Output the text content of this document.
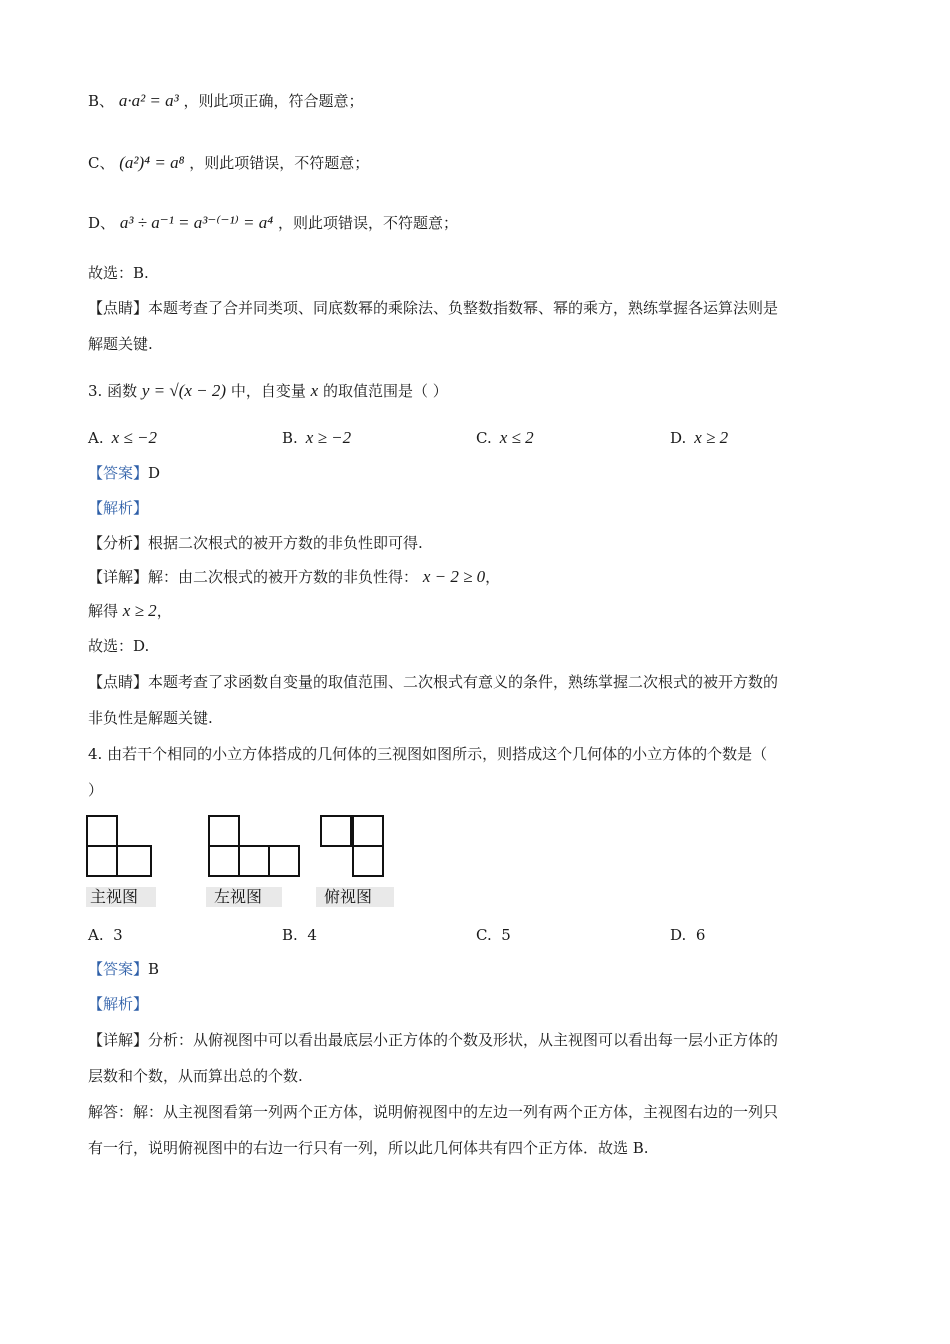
B、 a·a² = a³ ，则此项正确，符合题意；
C、 (a²)⁴ = a⁸ ，则此项错误，不符题意；
D、 a³ ÷ a⁻¹ = a³⁻⁽⁻¹⁾ = a⁴ ，则此项错误，不符题意；
故选：B.
【点睛】本题考查了合并同类项、同底数幂的乘除法、负整数指数幂、幂的乘方，熟练掌握各运算法则是
解题关键.
3. 函数 y = √(x − 2) 中，自变量 x 的取值范围是（ ）
A. x ≤ −2	B. x ≥ −2	C. x ≤ 2	D. x ≥ 2
【答案】D
【解析】
【分析】根据二次根式的被开方数的非负性即可得.
【详解】解：由二次根式的被开方数的非负性得： x − 2 ≥ 0，
解得 x ≥ 2，
故选：D.
【点睛】本题考查了求函数自变量的取值范围、二次根式有意义的条件，熟练掌握二次根式的被开方数的
非负性是解题关键.
4. 由若干个相同的小立方体搭成的几何体的三视图如图所示，则搭成这个几何体的小立方体的个数是（
）
主视图	左视图	俯视图
A. 3	B. 4	C. 5	D. 6
【答案】B
【解析】
【详解】分析：从俯视图中可以看出最底层小正方体的个数及形状，从主视图可以看出每一层小正方体的
层数和个数，从而算出总的个数.
解答：解：从主视图看第一列两个正方体，说明俯视图中的左边一列有两个正方体，主视图右边的一列只
有一行，说明俯视图中的右边一行只有一列，所以此几何体共有四个正方体．故选 B.
